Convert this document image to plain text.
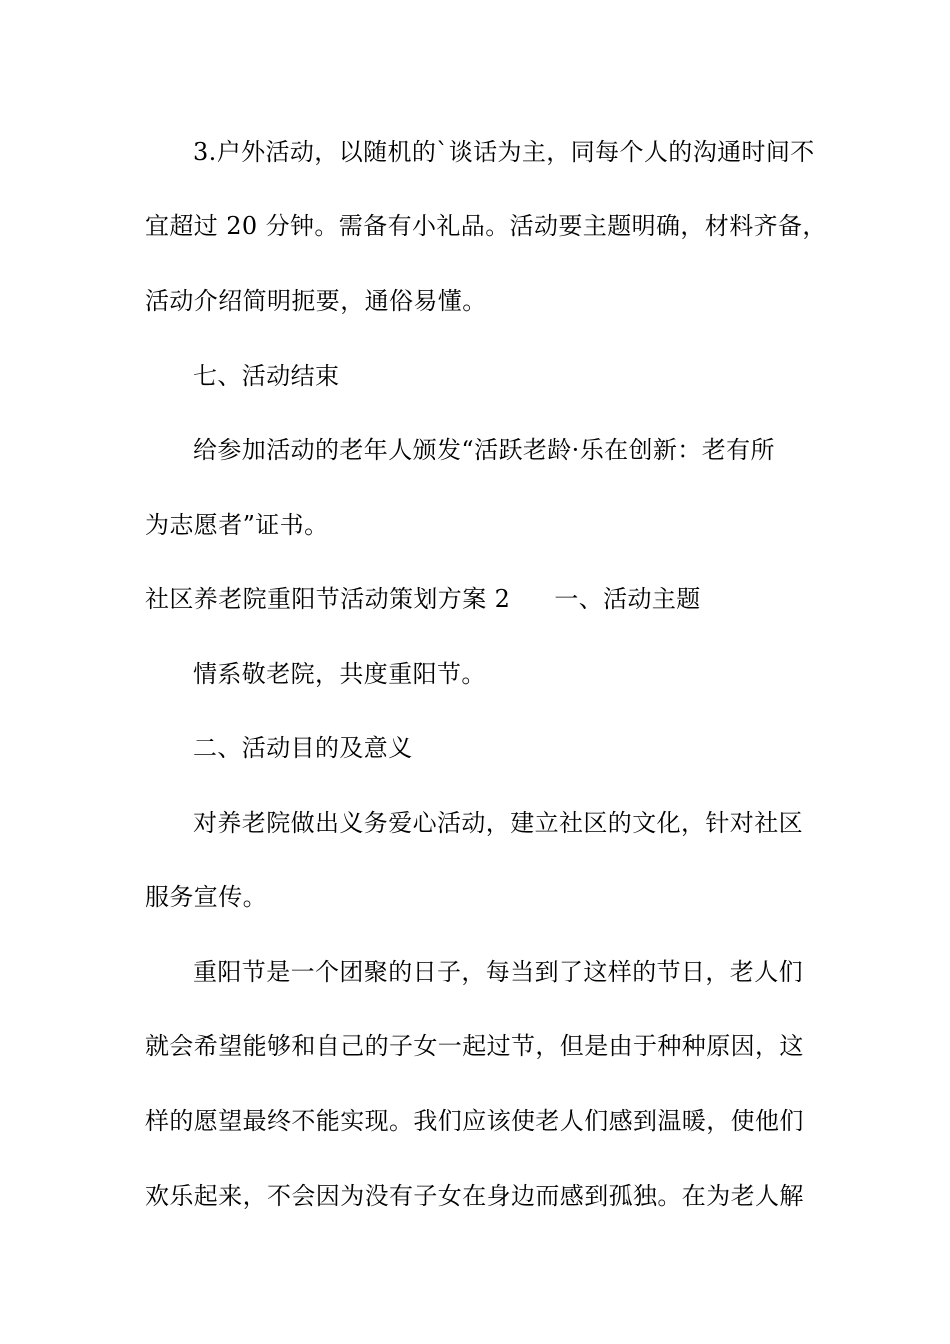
3.户外活动，以随机的`谈话为主，同每个人的沟通时间不
宜超过 20 分钟。需备有小礼品。活动要主题明确，材料齐备，
活动介绍简明扼要，通俗易懂。
七、活动结束
给参加活动的老年人颁发“活跃老龄·乐在创新：老有所
为志愿者”证书。
社区养老院重阳节活动策划方案 2 一、活动主题
情系敬老院，共度重阳节。
二、活动目的及意义
对养老院做出义务爱心活动，建立社区的文化，针对社区
服务宣传。
重阳节是一个团聚的日子，每当到了这样的节日，老人们
就会希望能够和自己的子女一起过节，但是由于种种原因，这
样的愿望最终不能实现。我们应该使老人们感到温暖，使他们
欢乐起来，不会因为没有子女在身边而感到孤独。在为老人解
